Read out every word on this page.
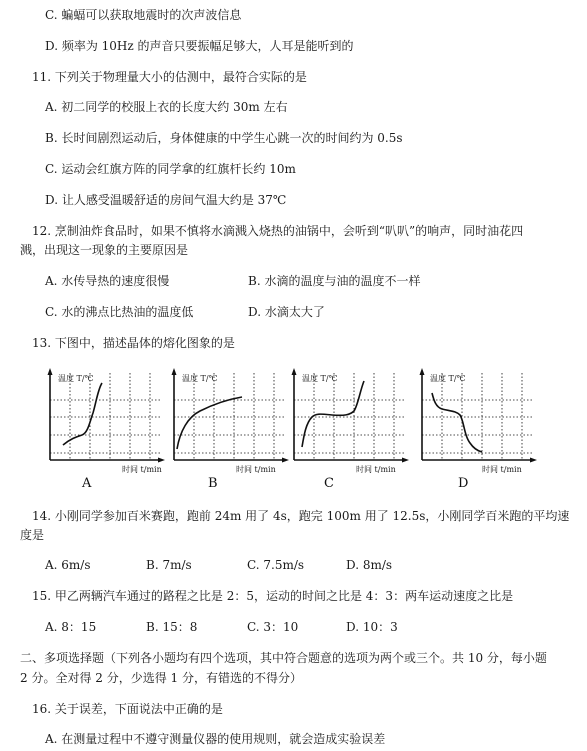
C. 蝙蝠可以获取地震时的次声波信息
D. 频率为 10Hz 的声音只要振幅足够大，人耳是能听到的
11. 下列关于物理量大小的估测中，最符合实际的是
A. 初二同学的校服上衣的长度大约 30m 左右
B. 长时间剧烈运动后，身体健康的中学生心跳一次的时间约为 0.5s
C. 运动会红旗方阵的同学拿的红旗杆长约 10m
D. 让人感受温暖舒适的房间气温大约是 37℃
12. 烹制油炸食品时，如果不慎将水滴溅入烧热的油锅中，会听到“叭叭”的响声，同时油花四
溅，出现这一现象的主要原因是
A. 水传导热的速度很慢	B. 水滴的温度与油的温度不一样
C. 水的沸点比热油的温度低	D. 水滴太大了
13. 下图中，描述晶体的熔化图象的是
温度 T/℃
时间 t/min
A
温度 T/℃
时间 t/min
B
温度 T/℃
时间 t/min
C
温度 T/℃
时间 t/min
D
14. 小刚同学参加百米赛跑，跑前 24m 用了 4s，跑完 100m 用了 12.5s，小刚同学百米跑的平均速
度是
A. 6m/s	B. 7m/s	C. 7.5m/s	D. 8m/s
15. 甲乙两辆汽车通过的路程之比是 2：5，运动的时间之比是 4：3：两车运动速度之比是
A. 8：15	B. 15：8	C. 3：10	D. 10：3
二、多项选择题（下列各小题均有四个选项，其中符合题意的选项为两个或三个。共 10 分，每小题
2 分。全对得 2 分，少选得 1 分，有错选的不得分）
16. 关于误差，下面说法中正确的是
A. 在测量过程中不遵守测量仪器的使用规则，就会造成实验误差
